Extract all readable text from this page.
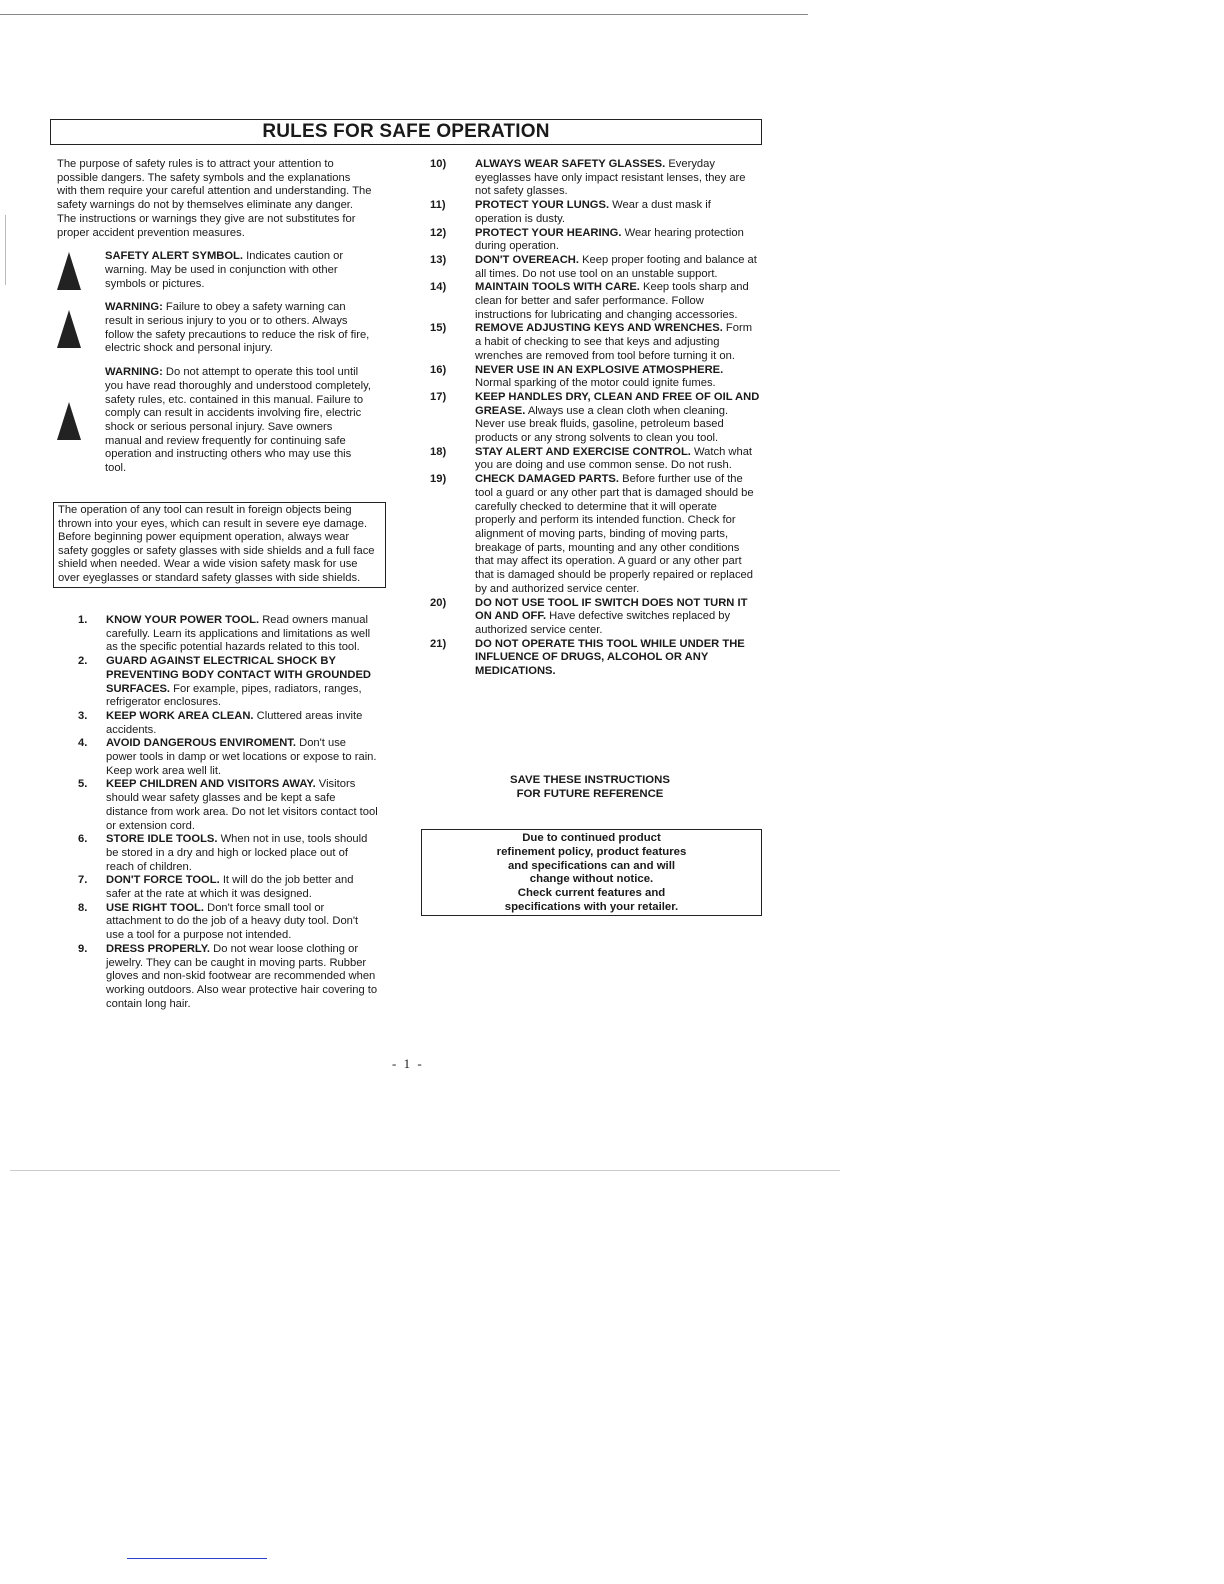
RULES FOR SAFE OPERATION

The purpose of safety rules is to attract your attention to possible dangers. The safety symbols and the explanations with them require your careful attention and understanding. The safety warnings do not by themselves eliminate any danger. The instructions or warnings they give are not substitutes for proper accident prevention measures.

SAFETY ALERT SYMBOL. Indicates caution or warning. May be used in conjunction with other symbols or pictures.

WARNING: Failure to obey a safety warning can result in serious injury to you or to others. Always follow the safety precautions to reduce the risk of fire, electric shock and personal injury.

WARNING: Do not attempt to operate this tool until you have read thoroughly and understood completely, safety rules, etc. contained in this manual. Failure to comply can result in accidents involving fire, electric shock or serious personal injury. Save owners manual and review frequently for continuing safe operation and instructing others who may use this tool.

The operation of any tool can result in foreign objects being thrown into your eyes, which can result in severe eye damage. Before beginning power equipment operation, always wear safety goggles or safety glasses with side shields and a full face shield when needed. Wear a wide vision safety mask for use over eyeglasses or standard safety glasses with side shields.
1.	KNOW YOUR POWER TOOL. Read owners manual carefully. Learn its applications and limitations as well as the specific potential hazards related to this tool.

2.	GUARD AGAINST ELECTRICAL SHOCK BY PREVENTING BODY CONTACT WITH GROUNDED SURFACES. For example, pipes, radiators, ranges, refrigerator enclosures.

3.	KEEP WORK AREA CLEAN. Cluttered areas invite accidents.

4.	AVOID DANGEROUS ENVIROMENT. Don't use power tools in damp or wet locations or expose to rain. Keep work area well lit.

5.	KEEP CHILDREN AND VISITORS AWAY. Visitors should wear safety glasses and be kept a safe distance from work area. Do not let visitors contact tool or extension cord.

6.	STORE IDLE TOOLS. When not in use, tools should be stored in a dry and high or locked place out of reach of children.

7.	DON'T FORCE TOOL. It will do the job better and safer at the rate at which it was designed.

8.	USE RIGHT TOOL. Don't force small tool or attachment to do the job of a heavy duty tool. Don't use a tool for a purpose not intended.

9.	DRESS PROPERLY. Do not wear loose clothing or jewelry. They can be caught in moving parts. Rubber gloves and non-skid footwear are recommended when working outdoors. Also wear protective hair covering to contain long hair.

10)	ALWAYS WEAR SAFETY GLASSES. Everyday eyeglasses have only impact resistant lenses, they are not safety glasses.

11)	PROTECT YOUR LUNGS. Wear a dust mask if operation is dusty.

12)	PROTECT YOUR HEARING. Wear hearing protection during operation.

13)	DON'T OVEREACH. Keep proper footing and balance at all times. Do not use tool on an unstable support.

14)	MAINTAIN TOOLS WITH CARE. Keep tools sharp and clean for better and safer performance. Follow instructions for lubricating and changing accessories.

15)	REMOVE ADJUSTING KEYS AND WRENCHES. Form a habit of checking to see that keys and adjusting wrenches are removed from tool before turning it on.

16)	NEVER USE IN AN EXPLOSIVE ATMOSPHERE. Normal sparking of the motor could ignite fumes.

17)	KEEP HANDLES DRY, CLEAN AND FREE OF OIL AND GREASE. Always use a clean cloth when cleaning. Never use break fluids, gasoline, petroleum based products or any strong solvents to clean you tool.

18)	STAY ALERT AND EXERCISE CONTROL. Watch what you are doing and use common sense. Do not rush.

19)	CHECK DAMAGED PARTS. Before further use of the tool a guard or any other part that is damaged should be carefully checked to determine that it will operate properly and perform its intended function. Check for alignment of moving parts, binding of moving parts, breakage of parts, mounting and any other conditions that may affect its operation. A guard or any other part that is damaged should be properly repaired or replaced by and authorized service center.

20)	DO NOT USE TOOL IF SWITCH DOES NOT TURN IT ON AND OFF. Have defective switches replaced by authorized service center.

21)	DO NOT OPERATE THIS TOOL WHILE UNDER THE INFLUENCE OF DRUGS, ALCOHOL OR ANY MEDICATIONS.

SAVE THESE INSTRUCTIONS
FOR FUTURE REFERENCE
Due to continued product
refinement policy, product features
and specifications can and will
change without notice.
Check current features and
specifications with your retailer.
- 1 -
